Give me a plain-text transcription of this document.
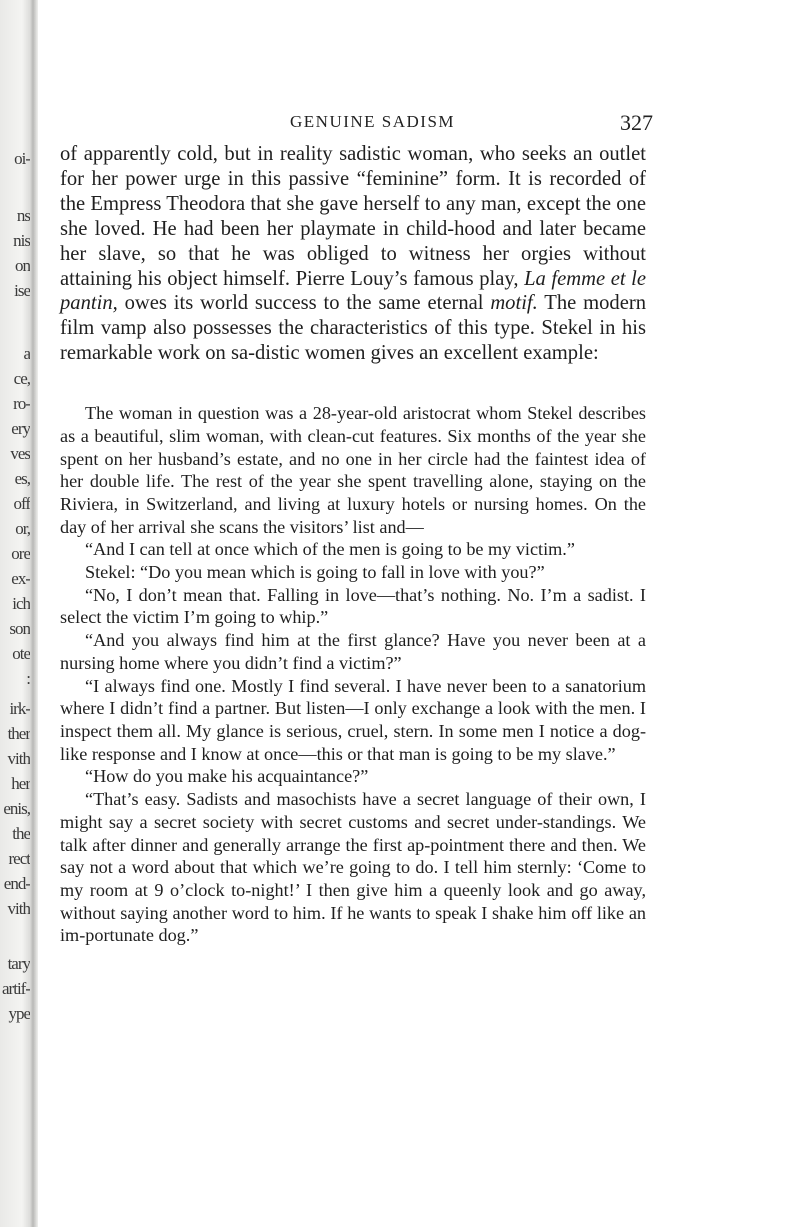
oi-
ns
nis
on
ise
a
ce,
ro-
ery
ves
es,
off
or,
ore
ex-
ich
son
ote
:
irk-
ther
vith
her
enis,
the
rect
end-
vith
tary
artif-
ype
GENUINE SADISM	327

of apparently cold, but in reality sadistic woman, who seeks an outlet for her power urge in this passive “feminine” form. It is recorded of the Empress Theodora that she gave herself to any man, except the one she loved. He had been her playmate in child-hood and later became her slave, so that he was obliged to witness her orgies without attaining his object himself. Pierre Louy’s famous play, La femme et le pantin, owes its world success to the same eternal motif. The modern film vamp also possesses the characteristics of this type. Stekel in his remarkable work on sa-distic women gives an excellent example:

The woman in question was a 28-year-old aristocrat whom Stekel describes as a beautiful, slim woman, with clean-cut features. Six months of the year she spent on her husband’s estate, and no one in her circle had the faintest idea of her double life. The rest of the year she spent travelling alone, staying on the Riviera, in Switzerland, and living at luxury hotels or nursing homes. On the day of her arrival she scans the visitors’ list and—

“And I can tell at once which of the men is going to be my victim.”

Stekel: “Do you mean which is going to fall in love with you?”

“No, I don’t mean that. Falling in love—that’s nothing. No. I’m a sadist. I select the victim I’m going to whip.”

“And you always find him at the first glance? Have you never been at a nursing home where you didn’t find a victim?”

“I always find one. Mostly I find several. I have never been to a sanatorium where I didn’t find a partner. But listen—I only exchange a look with the men. I inspect them all. My glance is serious, cruel, stern. In some men I notice a dog-like response and I know at once—this or that man is going to be my slave.”

“How do you make his acquaintance?”

“That’s easy. Sadists and masochists have a secret language of their own, I might say a secret society with secret customs and secret under-standings. We talk after dinner and generally arrange the first ap-pointment there and then. We say not a word about that which we’re going to do. I tell him sternly: ‘Come to my room at 9 o’clock to-night!’ I then give him a queenly look and go away, without saying another word to him. If he wants to speak I shake him off like an im-portunate dog.”
